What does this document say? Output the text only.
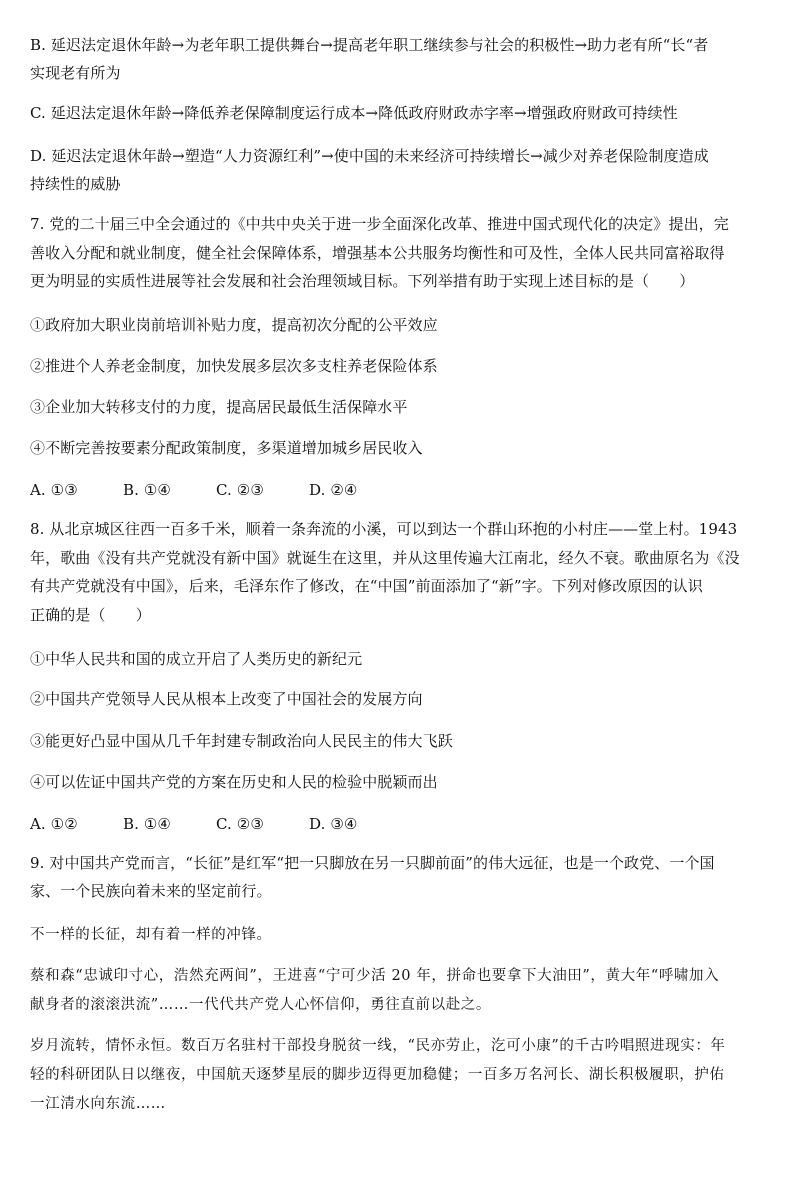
B. 延迟法定退休年龄→为老年职工提供舞台→提高老年职工继续参与社会的积极性→助力老有所“长“者
实现老有所为
C. 延迟法定退休年龄→降低养老保障制度运行成本→降低政府财政赤字率→增强政府财政可持续性
D. 延迟法定退休年龄→塑造“人力资源红利”→使中国的未来经济可持续增长→减少对养老保险制度造成
持续性的威胁
7. 党的二十届三中全会通过的《中共中央关于进一步全面深化改革、推进中国式现代化的决定》提出，完
善收入分配和就业制度，健全社会保障体系，增强基本公共服务均衡性和可及性，全体人民共同富裕取得
更为明显的实质性进展等社会发展和社会治理领域目标。下列举措有助于实现上述目标的是（　　）
①政府加大职业岗前培训补贴力度，提高初次分配的公平效应
②推进个人养老金制度，加快发展多层次多支柱养老保险体系
③企业加大转移支付的力度，提高居民最低生活保障水平
④不断完善按要素分配政策制度，多渠道增加城乡居民收入
A. ①③	B. ①④	C. ②③	D. ②④
8. 从北京城区往西一百多千米，顺着一条奔流的小溪，可以到达一个群山环抱的小村庄——堂上村。1943
年，歌曲《没有共产党就没有新中国》就诞生在这里，并从这里传遍大江南北，经久不衰。歌曲原名为《没
有共产党就没有中国》，后来，毛泽东作了修改，在“中国”前面添加了“新”字。下列对修改原因的认识
正确的是（　　）
①中华人民共和国的成立开启了人类历史的新纪元
②中国共产党领导人民从根本上改变了中国社会的发展方向
③能更好凸显中国从几千年封建专制政治向人民民主的伟大飞跃
④可以佐证中国共产党的方案在历史和人民的检验中脱颖而出
A. ①②	B. ①④	C. ②③	D. ③④
9. 对中国共产党而言，“长征”是红军“把一只脚放在另一只脚前面”的伟大远征，也是一个政党、一个国
家、一个民族向着未来的坚定前行。
不一样的长征，却有着一样的冲锋。
蔡和森“忠诚印寸心，浩然充两间”，王进喜“宁可少活 20 年，拼命也要拿下大油田”，黄大年“呼啸加入
献身者的滚滚洪流”……一代代共产党人心怀信仰，勇往直前以赴之。
岁月流转，情怀永恒。数百万名驻村干部投身脱贫一线，“民亦劳止，汔可小康”的千古吟唱照进现实：年
轻的科研团队日以继夜，中国航天逐梦星辰的脚步迈得更加稳健；一百多万名河长、湖长积极履职，护佑
一江清水向东流……
